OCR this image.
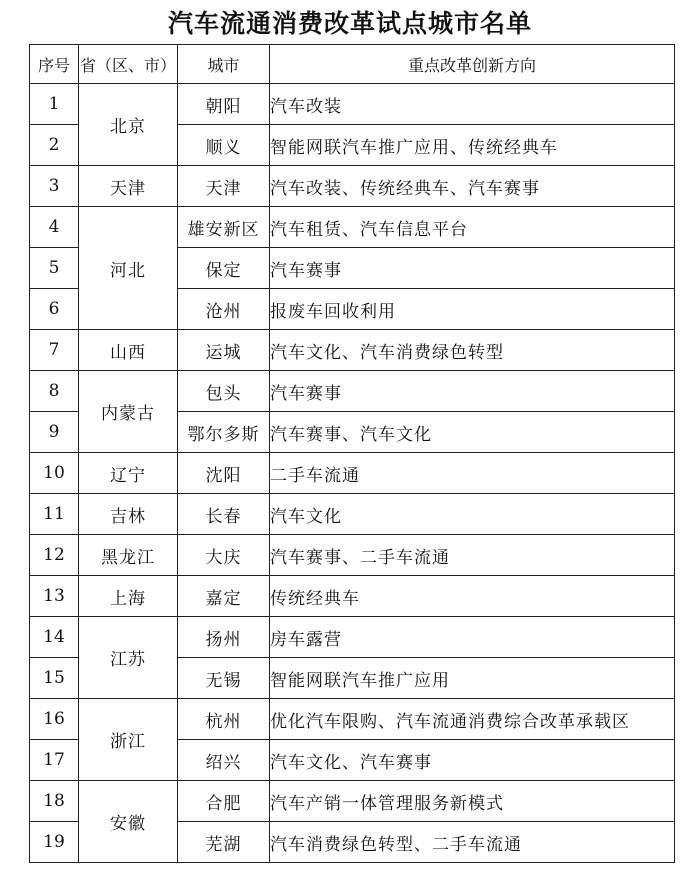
汽车流通消费改革试点城市名单
序号	省（区、市）	城市	重点改革创新方向
1	北京	朝阳	汽车改装
2		顺义	智能网联汽车推广应用、传统经典车
3	天津	天津	汽车改装、传统经典车、汽车赛事
4	河北	雄安新区	汽车租赁、汽车信息平台
5		保定	汽车赛事
6		沧州	报废车回收利用
7	山西	运城	汽车文化、汽车消费绿色转型
8	内蒙古	包头	汽车赛事
9		鄂尔多斯	汽车赛事、汽车文化
10	辽宁	沈阳	二手车流通
11	吉林	长春	汽车文化
12	黑龙江	大庆	汽车赛事、二手车流通
13	上海	嘉定	传统经典车
14	江苏	扬州	房车露营
15		无锡	智能网联汽车推广应用
16	浙江	杭州	优化汽车限购、汽车流通消费综合改革承载区
17		绍兴	汽车文化、汽车赛事
18	安徽	合肥	汽车产销一体管理服务新模式
19		芜湖	汽车消费绿色转型、二手车流通
